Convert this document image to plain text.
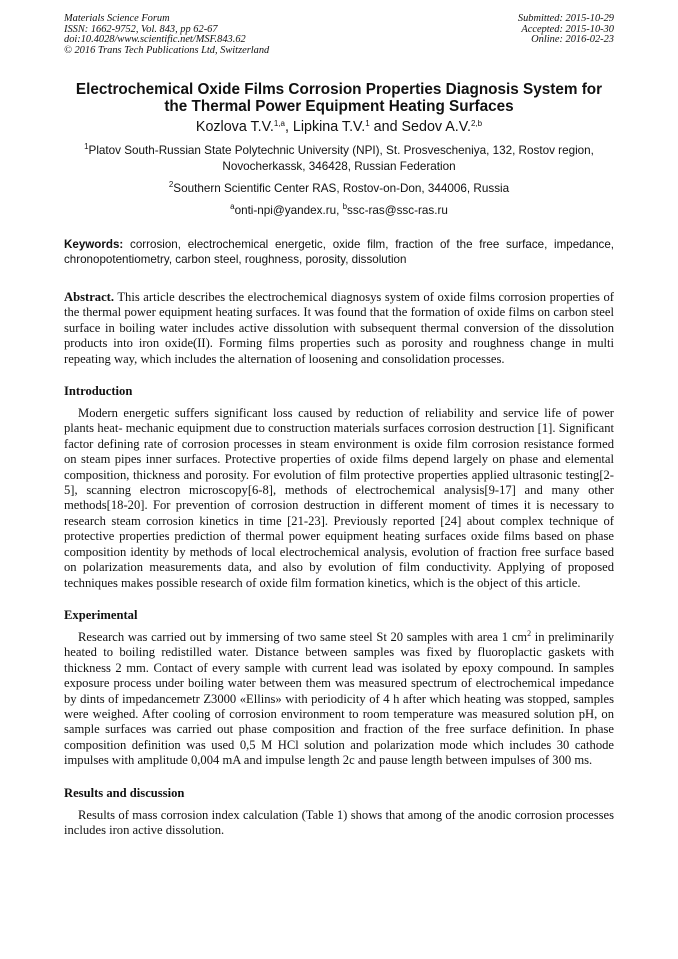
Materials Science Forum
ISSN: 1662-9752, Vol. 843, pp 62-67
doi:10.4028/www.scientific.net/MSF.843.62
© 2016 Trans Tech Publications Ltd, Switzerland
Submitted: 2015-10-29
Accepted: 2015-10-30
Online: 2016-02-23
Electrochemical Oxide Films Corrosion Properties Diagnosis System for the Thermal Power Equipment Heating Surfaces
Kozlova T.V.$^{1,a}$, Lipkina T.V.$^1$ and Sedov A.V.$^{2,b}$
$^1$Platov South-Russian State Polytechnic University (NPI), St. Prosvescheniya, 132, Rostov region, Novocherkassk, 346428, Russian Federation
$^2$Southern Scientific Center RAS, Rostov-on-Don, 344006, Russia
$^a$onti-npi@yandex.ru, $^b$ssc-ras@ssc-ras.ru
Keywords: corrosion, electrochemical energetic, oxide film, fraction of the free surface, impedance, chronopotentiometry, carbon steel, roughness, porosity, dissolution
Abstract. This article describes the electrochemical diagnosys system of oxide films corrosion properties of the thermal power equipment heating surfaces. It was found that the formation of oxide films on carbon steel surface in boiling water includes active dissolution with subsequent thermal conversion of the dissolution products into iron oxide(II). Forming films properties such as porosity and roughness change in multi repeating way, which includes the alternation of loosening and consolidation processes.
Introduction
Modern energetic suffers significant loss caused by reduction of reliability and service life of power plants heat- mechanic equipment due to construction materials surfaces corrosion destruction [1]. Significant factor defining rate of corrosion processes in steam environment is oxide film corrosion resistance formed on steam pipes inner surfaces. Protective properties of oxide films depend largely on phase and elemental composition, thickness and porosity. For evolution of film protective properties applied ultrasonic testing[2-5], scanning electron microscopy[6-8], methods of electrochemical analysis[9-17] and many other methods[18-20]. For prevention of corrosion destruction in different moment of times it is necessary to research steam corrosion kinetics in time [21-23]. Previously reported [24] about complex technique of protective properties prediction of thermal power equipment heating surfaces oxide films based on phase composition identity by methods of local electrochemical analysis, evolution of fraction free surface based on polarization measurements data, and also by evolution of film conductivity. Applying of proposed techniques makes possible research of oxide film formation kinetics, which is the object of this article.
Experimental
Research was carried out by immersing of two same steel St 20 samples with area 1 $cm^2$ in preliminarily heated to boiling redistilled water. Distance between samples was fixed by fluoroplactic gaskets with thickness 2 mm. Contact of every sample with current lead was isolated by epoxy compound. In samples exposure process under boiling water between them was measured spectrum of electrochemical impedance by dints of impedancemetr Z3000 «Ellins» with periodicity of 4 h after which heating was stopped, samples were weighed. After cooling of corrosion environment to room temperature was measured solution pH, on sample surfaces was carried out phase composition and fraction of the free surface definition. In phase composition definition was used 0,5 M HCl solution and polarization mode which includes 30 cathode impulses with amplitude 0,004 mA and impulse length 2c and pause length between impulses of 300 ms.
Results and discussion
Results of mass corrosion index calculation (Table 1) shows that among of the anodic corrosion processes includes iron active dissolution.
